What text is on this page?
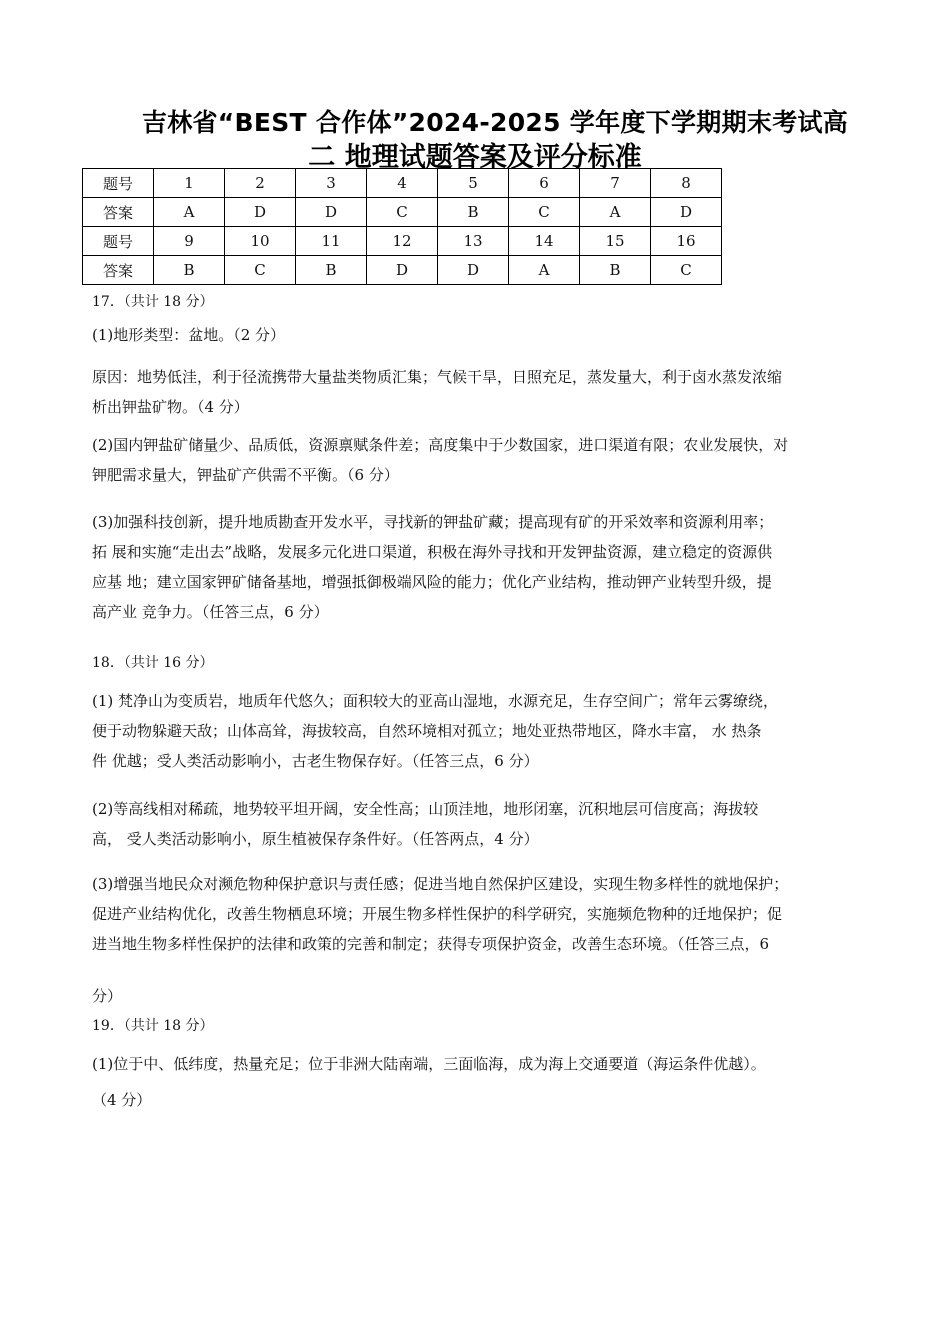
吉林省“BEST 合作体”2024-2025 学年度下学期期末考试高
二 地理试题答案及评分标准
题号	1	2	3	4	5	6	7	8
答案	A	D	D	C	B	C	A	D
题号	9	10	11	12	13	14	15	16
答案	B	C	B	D	D	A	B	C
17．（共计 18 分）
(1)地形类型：盆地。（2 分）
原因：地势低洼，利于径流携带大量盐类物质汇集；气候干旱，日照充足，蒸发量大，利于卤水蒸发浓缩
析出钾盐矿物。（4 分）
(2)国内钾盐矿储量少、品质低，资源禀赋条件差；高度集中于少数国家，进口渠道有限；农业发展快，对
钾肥需求量大，钾盐矿产供需不平衡。（6 分）
(3)加强科技创新，提升地质勘查开发水平，寻找新的钾盐矿藏；提高现有矿的开采效率和资源利用率；
拓 展和实施“走出去”战略，发展多元化进口渠道，积极在海外寻找和开发钾盐资源，建立稳定的资源供
应基 地；建立国家钾矿储备基地，增强抵御极端风险的能力；优化产业结构，推动钾产业转型升级，提
高产业 竞争力。（任答三点，6 分）
18．（共计 16 分）
(1) 梵净山为变质岩，地质年代悠久；面积较大的亚高山湿地，水源充足，生存空间广；常年云雾缭绕，
便于动物躲避天敌；山体高耸，海拔较高，自然环境相对孤立；地处亚热带地区，降水丰富， 水 热条
件 优越；受人类活动影响小，古老生物保存好。（任答三点，6 分）
(2)等高线相对稀疏，地势较平坦开阔，安全性高；山顶洼地，地形闭塞，沉积地层可信度高；海拔较
高， 受人类活动影响小，原生植被保存条件好。（任答两点，4 分）
(3)增强当地民众对濒危物种保护意识与责任感；促进当地自然保护区建设，实现生物多样性的就地保护；
促进产业结构优化，改善生物栖息环境；开展生物多样性保护的科学研究，实施频危物种的迁地保护；促
进当地生物多样性保护的法律和政策的完善和制定；获得专项保护资金，改善生态环境。（任答三点，6
分）
19．（共计 18 分）
(1)位于中、低纬度，热量充足；位于非洲大陆南端，三面临海，成为海上交通要道（海运条件优越）。
（4 分）
